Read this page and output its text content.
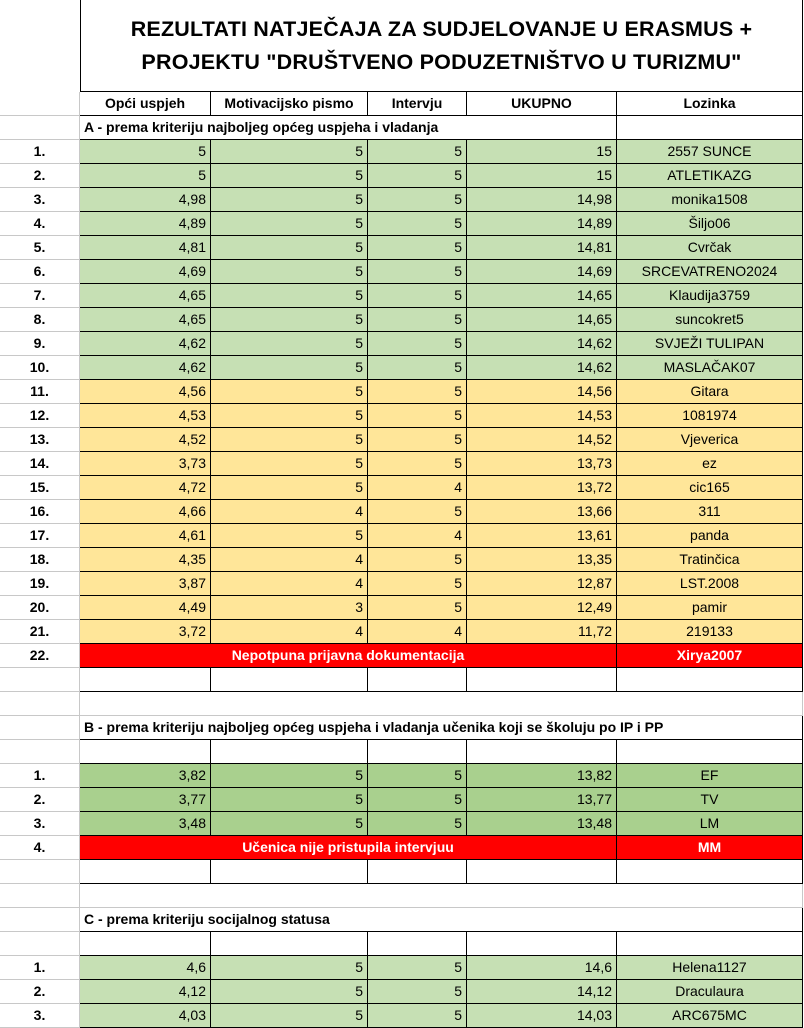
REZULTATI NATJEČAJA ZA SUDJELOVANJE U ERASMUS +
PROJEKTU "DRUŠTVENO PODUZETNIŠTVO U TURIZMU"
Opći uspjeh	Motivacijsko pismo	Intervju	UKUPNO	Lozinka
A - prema kriteriju najboljeg općeg uspjeha i vladanja
1.	5	5	5	15	2557 SUNCE
2.	5	5	5	15	ATLETIKAZG
3.	4,98	5	5	14,98	monika1508
4.	4,89	5	5	14,89	Šiljo06
5.	4,81	5	5	14,81	Cvrčak
6.	4,69	5	5	14,69	SRCEVATRENO2024
7.	4,65	5	5	14,65	Klaudija3759
8.	4,65	5	5	14,65	suncokret5
9.	4,62	5	5	14,62	SVJEŽI TULIPAN
10.	4,62	5	5	14,62	MASLAČAK07
11.	4,56	5	5	14,56	Gitara
12.	4,53	5	5	14,53	1081974
13.	4,52	5	5	14,52	Vjeverica
14.	3,73	5	5	13,73	ez
15.	4,72	5	4	13,72	cic165
16.	4,66	4	5	13,66	311
17.	4,61	5	4	13,61	panda
18.	4,35	4	5	13,35	Tratinčica
19.	3,87	4	5	12,87	LST.2008
20.	4,49	3	5	12,49	pamir
21.	3,72	4	4	11,72	219133
22.	Nepotpuna prijavna dokumentacija	Xirya2007
B - prema kriteriju najboljeg općeg uspjeha i vladanja učenika koji se školuju po IP i PP
1.	3,82	5	5	13,82	EF
2.	3,77	5	5	13,77	TV
3.	3,48	5	5	13,48	LM
4.	Učenica nije pristupila intervjuu	MM
C - prema kriteriju socijalnog statusa
1.	4,6	5	5	14,6	Helena1127
2.	4,12	5	5	14,12	Draculaura
3.	4,03	5	5	14,03	ARC675MC
